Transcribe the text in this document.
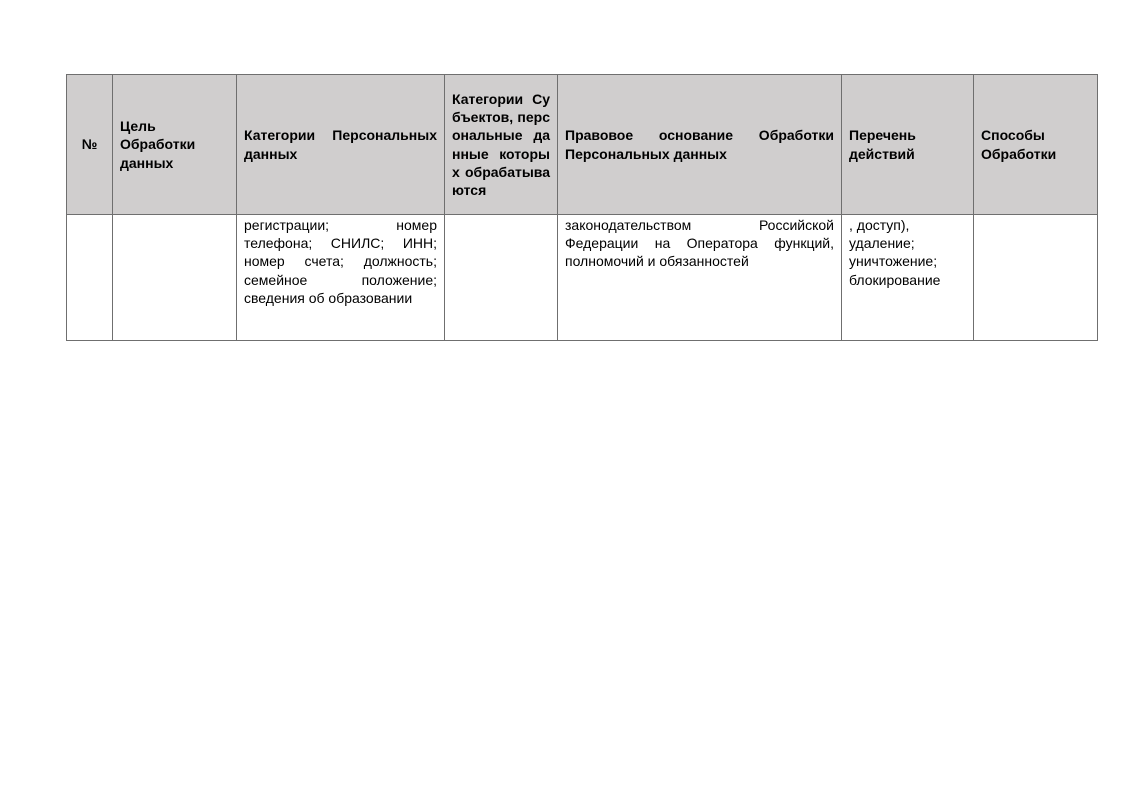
№	Цель Обработки данных	Категории Персональных данных	Категории Субъектов, персональные данные которых обрабатываются	Правовое основание Обработки Персональных данных	Перечень действий	Способы Обработки
		регистрации; номер телефона; СНИЛС; ИНН; номер счета; должность; семейное положение; сведения об образовании		законодательством Российской Федерации на Оператора функций, полномочий и обязанностей	, доступ), удаление; уничтожение; блокирование	
